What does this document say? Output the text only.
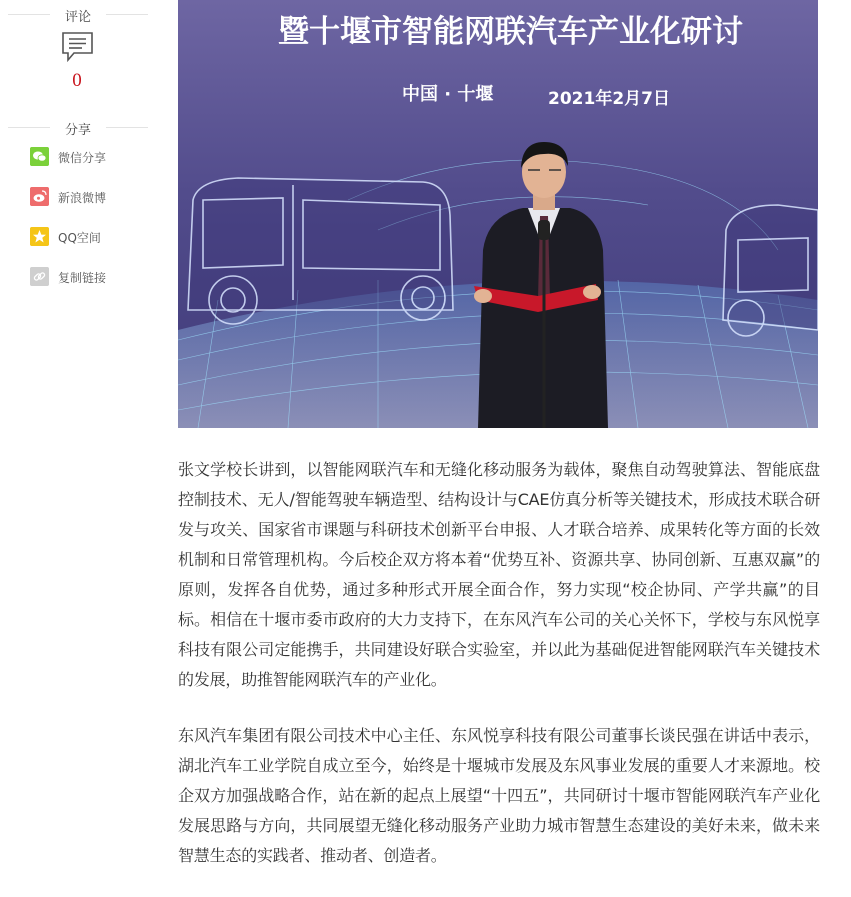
评论
0
分享
微信分享
新浪微博
QQ空间
复制链接
暨十堰市智能网联汽车产业化研讨
中国 · 十堰	2021年2月7日

张文学校长讲到，以智能网联汽车和无缝化移动服务为载体，聚焦自动驾驶算法、智能底盘控制技术、无人/智能驾驶车辆造型、结构设计与CAE仿真分析等关键技术，形成技术联合研发与攻关、国家省市课题与科研技术创新平台申报、人才联合培养、成果转化等方面的长效机制和日常管理机构。今后校企双方将本着“优势互补、资源共享、协同创新、互惠双赢”的原则，发挥各自优势，通过多种形式开展全面合作，努力实现“校企协同、产学共赢”的目标。相信在十堰市委市政府的大力支持下，在东风汽车公司的关心关怀下，学校与东风悦享科技有限公司定能携手，共同建设好联合实验室，并以此为基础促进智能网联汽车关键技术的发展，助推智能网联汽车的产业化。

东风汽车集团有限公司技术中心主任、东风悦享科技有限公司董事长谈民强在讲话中表示，湖北汽车工业学院自成立至今，始终是十堰城市发展及东风事业发展的重要人才来源地。校企双方加强战略合作，站在新的起点上展望“十四五”，共同研讨十堰市智能网联汽车产业化发展思路与方向，共同展望无缝化移动服务产业助力城市智慧生态建设的美好未来，做未来智慧生态的实践者、推动者、创造者。
